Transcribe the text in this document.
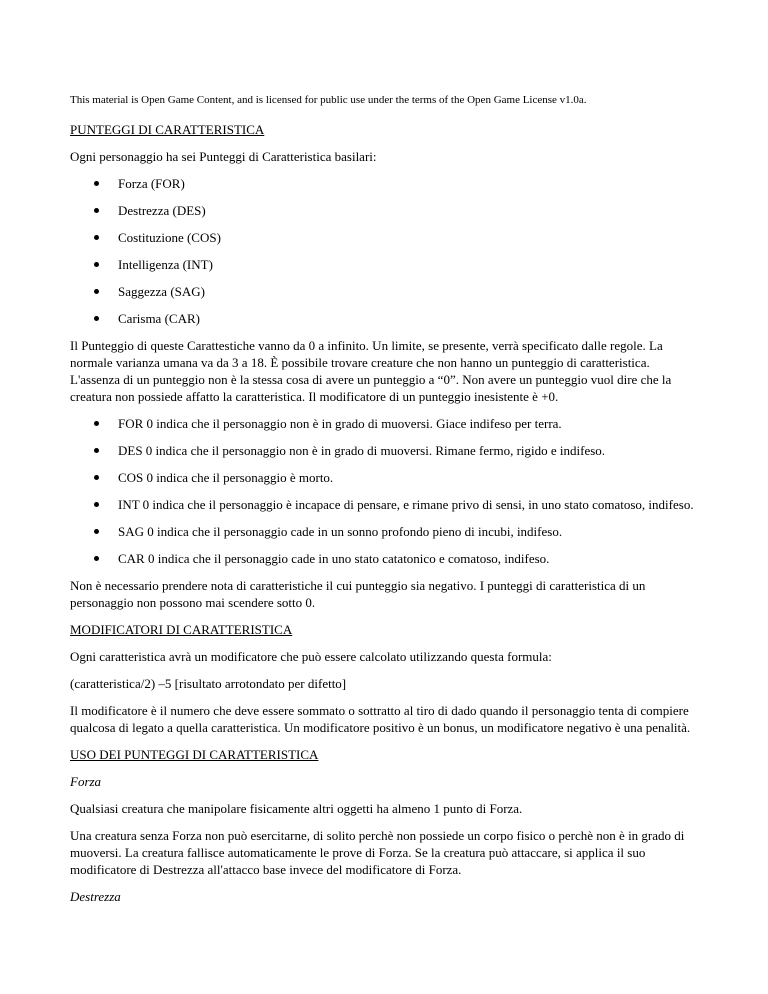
This material is Open Game Content, and is licensed for public use under the terms of the Open Game License v1.0a.

PUNTEGGI DI CARATTERISTICA

Ogni personaggio ha sei Punteggi di Caratteristica basilari:

Forza (FOR)
Destrezza (DES)
Costituzione (COS)
Intelligenza (INT)
Saggezza (SAG)
Carisma (CAR)

Il Punteggio di queste Carattestiche vanno da 0 a infinito. Un limite, se presente, verrà specificato dalle regole. La normale varianza umana va da 3 a 18. È possibile trovare creature che non hanno un punteggio di caratteristica. L'assenza di un punteggio non è la stessa cosa di avere un punteggio a “0”. Non avere un punteggio vuol dire che la creatura non possiede affatto la caratteristica. Il modificatore di un punteggio inesistente è +0.

FOR 0 indica che il personaggio non è in grado di muoversi. Giace indifeso per terra.
DES 0 indica che il personaggio non è in grado di muoversi. Rimane fermo, rigido e indifeso.
COS 0 indica che il personaggio è morto.
INT 0 indica che il personaggio è incapace di pensare, e rimane privo di sensi, in uno stato comatoso, indifeso.
SAG 0 indica che il personaggio cade in un sonno profondo pieno di incubi, indifeso.
CAR 0 indica che il personaggio cade in uno stato catatonico e comatoso, indifeso.

Non è necessario prendere nota di caratteristiche il cui punteggio sia negativo. I punteggi di caratteristica di un personaggio non possono mai scendere sotto 0.

MODIFICATORI DI CARATTERISTICA

Ogni caratteristica avrà un modificatore che può essere calcolato utilizzando questa formula:

(caratteristica/2) –5 [risultato arrotondato per difetto]

Il modificatore è il numero che deve essere sommato o sottratto al tiro di dado quando il personaggio tenta di compiere qualcosa di legato a quella caratteristica. Un modificatore positivo è un bonus, un modificatore negativo è una penalità.

USO DEI PUNTEGGI DI CARATTERISTICA

Forza

Qualsiasi creatura che manipolare fisicamente altri oggetti ha almeno 1 punto di Forza.

Una creatura senza Forza non può esercitarne, di solito perchè non possiede un corpo fisico o perchè non è in grado di muoversi. La creatura fallisce automaticamente le prove di Forza. Se la creatura può attaccare, si applica il suo modificatore di Destrezza all'attacco base invece del modificatore di Forza.

Destrezza
